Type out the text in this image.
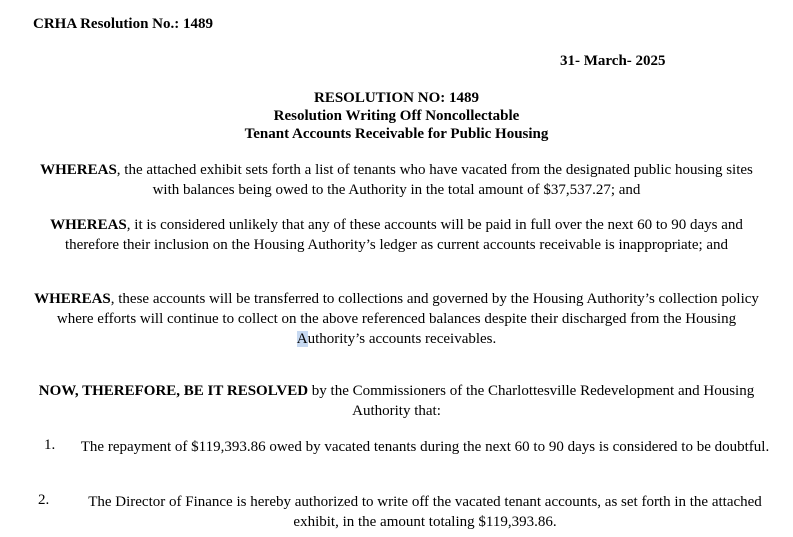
CRHA Resolution No.: 1489
31- March- 2025
RESOLUTION NO: 1489
Resolution Writing Off Noncollectable
Tenant Accounts Receivable for Public Housing
WHEREAS, the attached exhibit sets forth a list of tenants who have vacated from the designated public housing sites with balances being owed to the Authority in the total amount of $37,537.27; and
WHEREAS, it is considered unlikely that any of these accounts will be paid in full over the next 60 to 90 days and therefore their inclusion on the Housing Authority’s ledger as current accounts receivable is inappropriate; and
WHEREAS, these accounts will be transferred to collections and governed by the Housing Authority’s collection policy where efforts will continue to collect on the above referenced balances despite their discharged from the Housing Authority’s accounts receivables.
NOW, THEREFORE, BE IT RESOLVED by the Commissioners of the Charlottesville Redevelopment and Housing Authority that:
1. The repayment of $119,393.86 owed by vacated tenants during the next 60 to 90 days is considered to be doubtful.
2.	The Director of Finance is hereby authorized to write off the vacated tenant accounts, as set forth in the attached exhibit, in the amount totaling $119,393.86.
